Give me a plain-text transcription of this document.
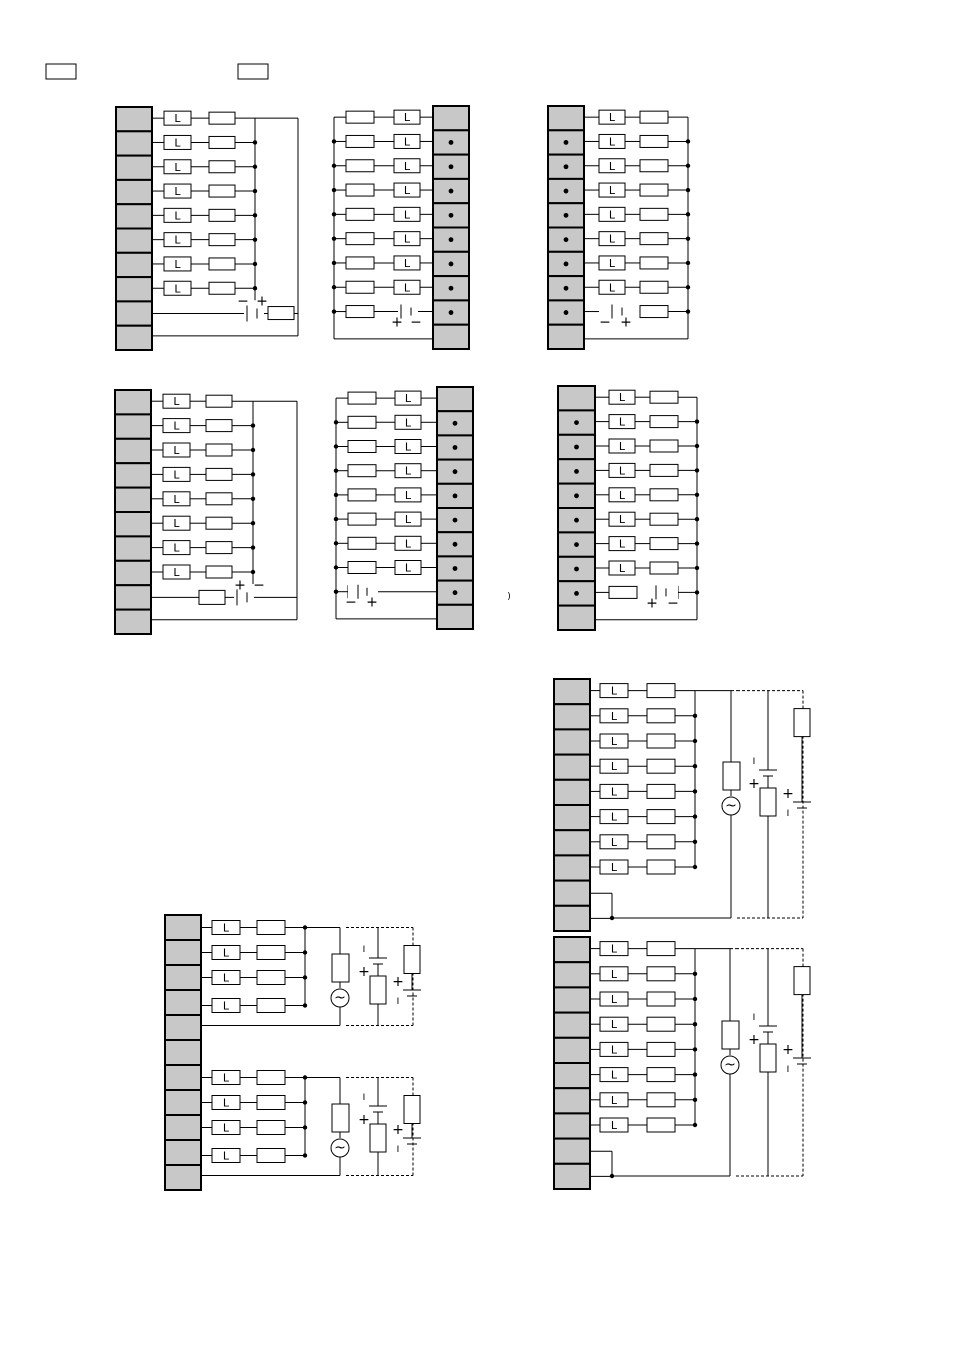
L
L
L
L
L
L
L
L
− +
L
L
L
L
L
L
L
L
+ −
L
L
L
L
L
L
L
L
+ −
L
L
L
L
L
L
L
L
− +	)
L
L
L
L
L
L
L
L
− +
L
L
L
L
L
L
L
L
+ −
L
L
L
L
L
L
L
L
~
+
I
+
I
L
L
L
L
L
L
L
L
~
+
I
+
I
L
L
L
L	~
+
I
+
I
L
L
L
L	~
+
I
+
I
